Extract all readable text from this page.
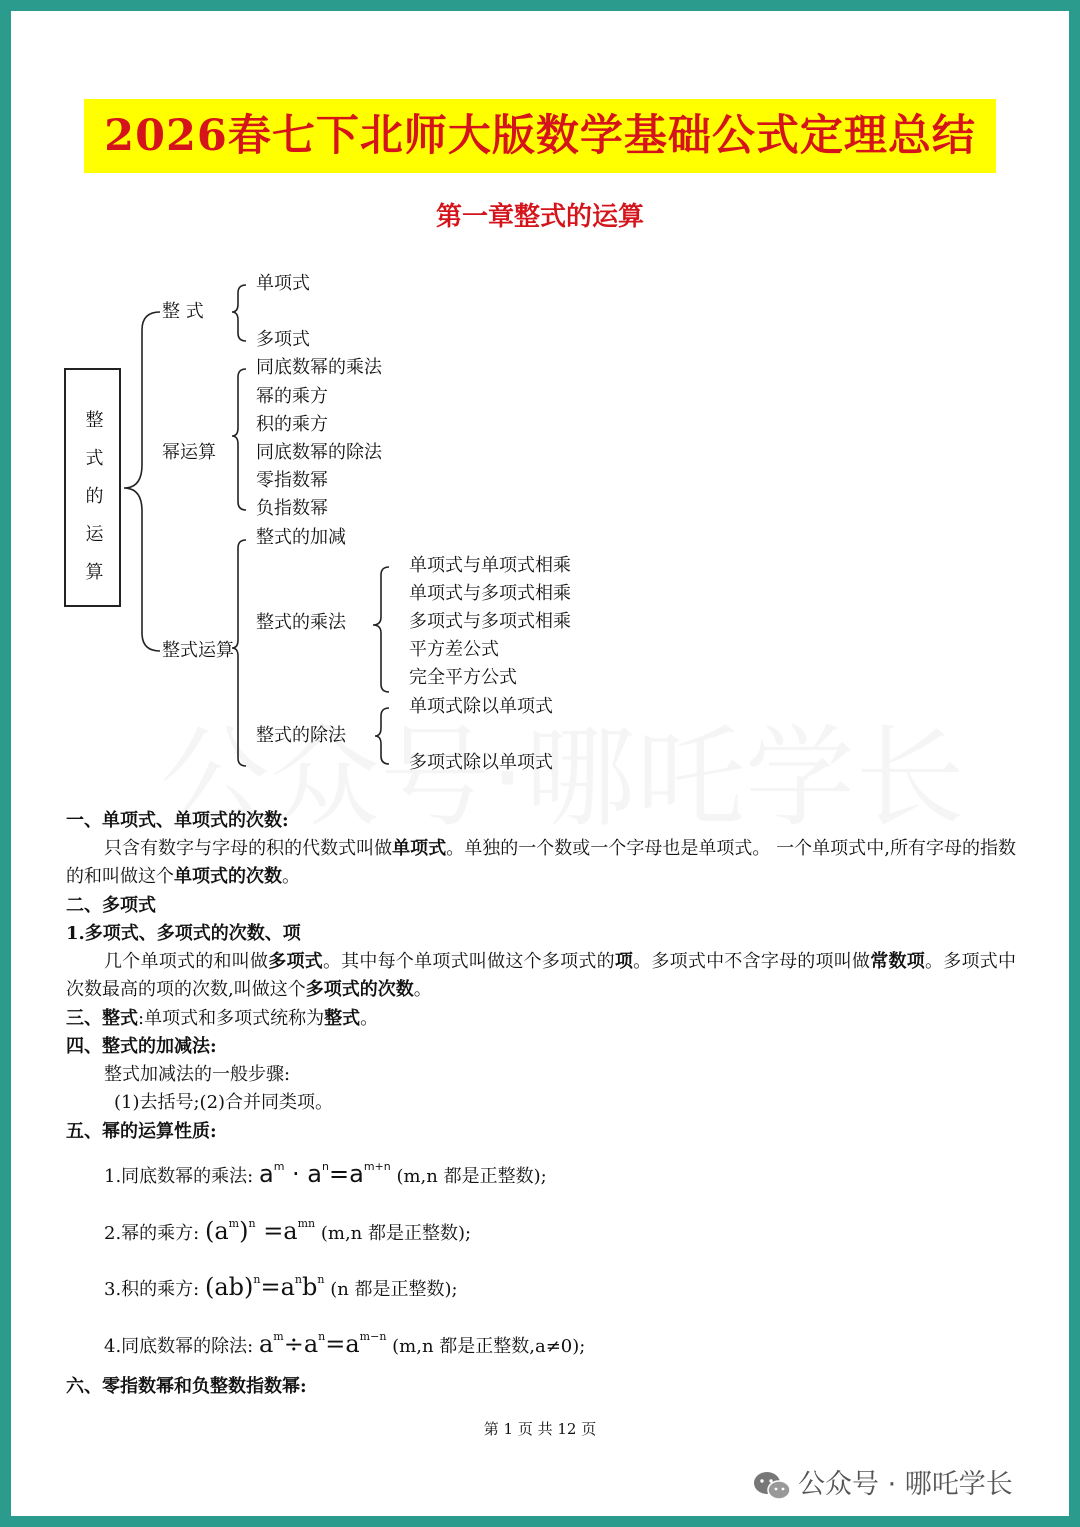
2026春七下北师大版数学基础公式定理总结
第一章整式的运算
整
式
的
运
算
整 式
单项式
多项式
幂运算
同底数幂的乘法
幂的乘方
积的乘方
同底数幂的除法
零指数幂
负指数幂
整式运算
整式的加减
整式的乘法
单项式与单项式相乘
单项式与多项式相乘
多项式与多项式相乘
平方差公式
完全平方公式
整式的除法
单项式除以单项式
多项式除以单项式
一、单项式、单项式的次数:
只含有数字与字母的积的代数式叫做单项式。单独的一个数或一个字母也是单项式。 一个单项式中,所有字母的指数的和叫做这个单项式的次数。
二、多项式
1.多项式、多项式的次数、项
几个单项式的和叫做多项式。其中每个单项式叫做这个多项式的项。多项式中不含字母的项叫做常数项。多项式中次数最高的项的次数,叫做这个多项式的次数。
三、整式:单项式和多项式统称为整式。
四、整式的加减法:
整式加减法的一般步骤:
(1)去括号;(2)合并同类项。
五、幂的运算性质:
1.同底数幂的乘法: $a^m \cdot a^n=a^{m+n}$ (m,n 都是正整数);
2.幂的乘方: $(a^m)^n =a^{mn}$ (m,n 都是正整数);
3.积的乘方: $(ab)^n=a^nb^n$ (n 都是正整数);
4.同底数幂的除法: $a^m\div a^n=a^{m-n}$ (m,n 都是正整数,a≠0);
六、零指数幂和负整数指数幂:
第 1 页 共 12 页
公众号 · 哪吒学长
